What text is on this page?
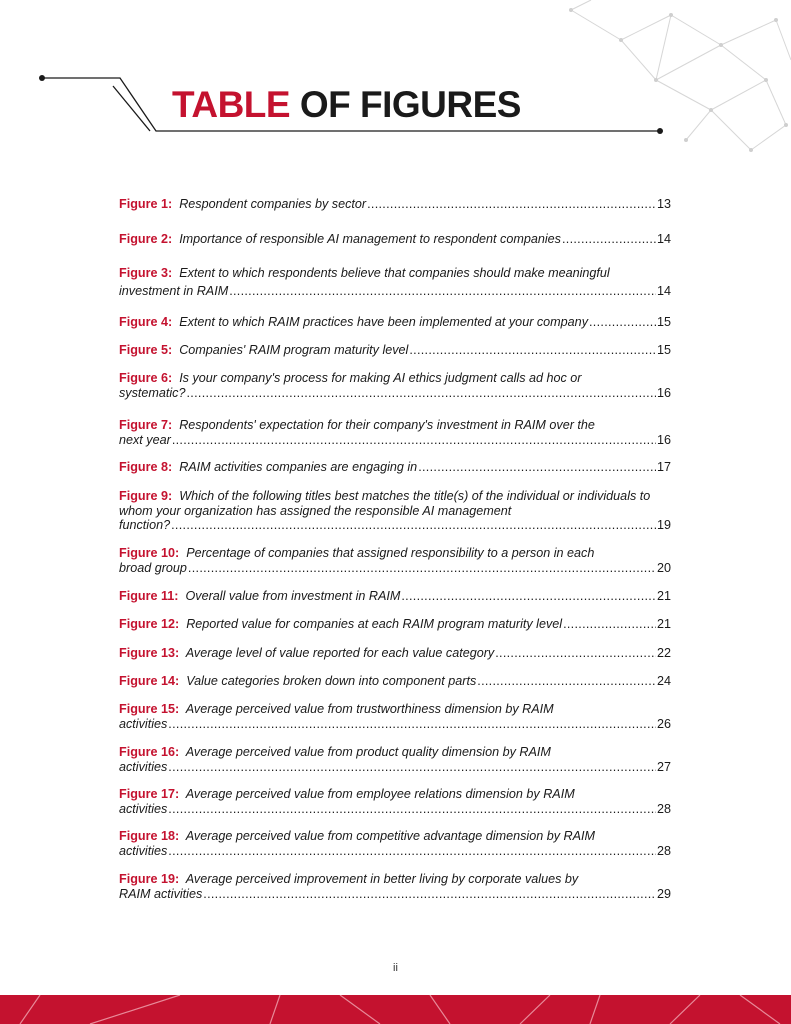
TABLE OF FIGURES
Figure 1: Respondent companies by sector .....	13
Figure 2: Importance of responsible AI management to respondent companies .....	14
Figure 3: Extent to which respondents believe that companies should make meaningful
investment in RAIM .....	14
Figure 4: Extent to which RAIM practices have been implemented at your company .....	15
Figure 5: Companies' RAIM program maturity level .....	15
Figure 6: Is your company's process for making AI ethics judgment calls ad hoc or
systematic? .....	16
Figure 7: Respondents' expectation for their company's investment in RAIM over the
next year .....	16
Figure 8: RAIM activities companies are engaging in .....	17
Figure 9: Which of the following titles best matches the title(s) of the individual or individuals to whom your organization has assigned the responsible AI management
function? .....	19
Figure 10: Percentage of companies that assigned responsibility to a person in each
broad group .....	20
Figure 11: Overall value from investment in RAIM .....	21
Figure 12: Reported value for companies at each RAIM program maturity level .....	21
Figure 13: Average level of value reported for each value category .....	22
Figure 14: Value categories broken down into component parts .....	24
Figure 15: Average perceived value from trustworthiness dimension by RAIM
activities .....	26
Figure 16: Average perceived value from product quality dimension by RAIM
activities .....	27
Figure 17: Average perceived value from employee relations dimension by RAIM
activities .....	28
Figure 18: Average perceived value from competitive advantage dimension by RAIM
activities .....	28
Figure 19: Average perceived improvement in better living by corporate values by
RAIM activities .....	29
ii
